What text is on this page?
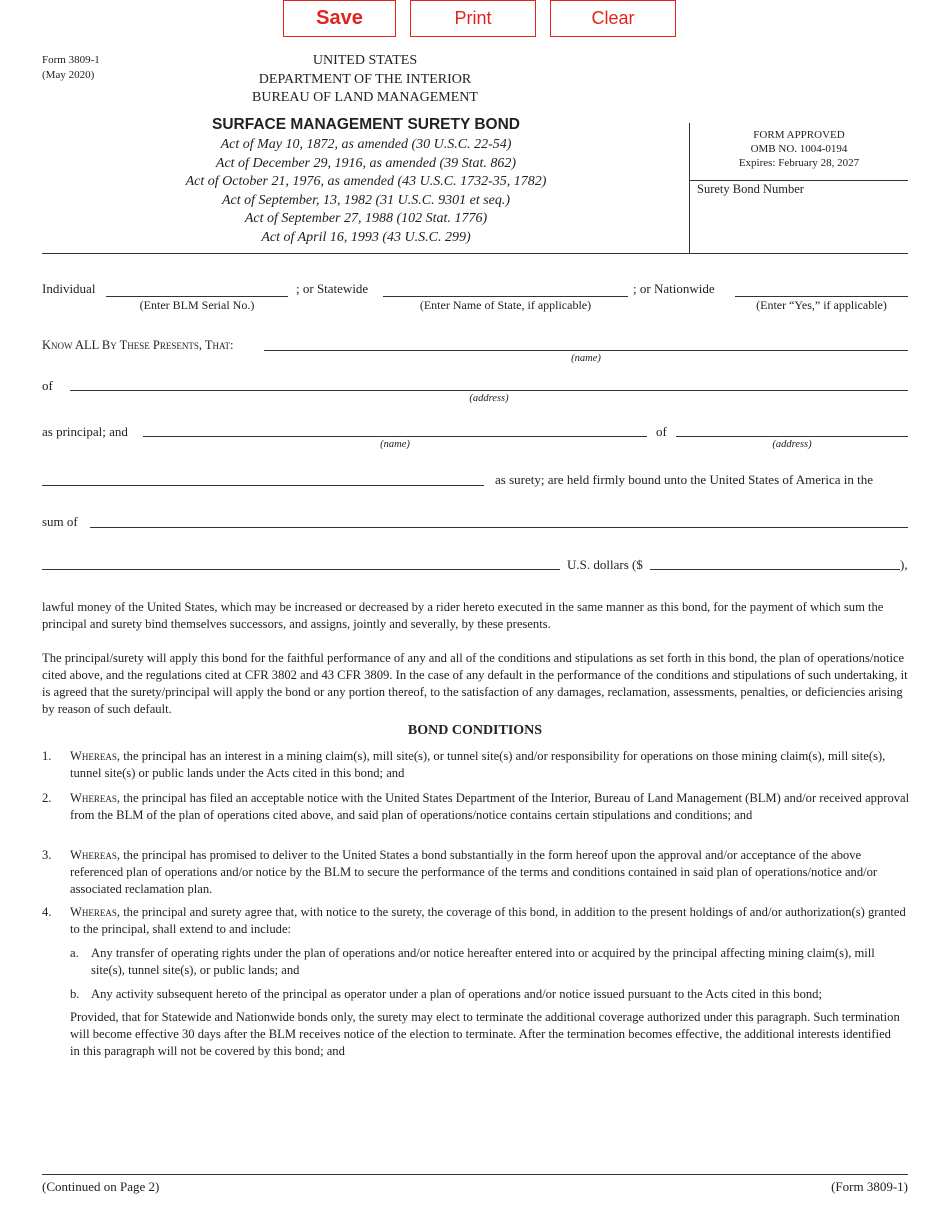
Save	Print	Clear
Form 3809-1
(May 2020)
UNITED STATES
DEPARTMENT OF THE INTERIOR
BUREAU OF LAND MANAGEMENT
SURFACE MANAGEMENT SURETY BOND
Act of May 10, 1872, as amended (30 U.S.C. 22-54)
Act of December 29, 1916, as amended (39 Stat. 862)
Act of October 21, 1976, as amended (43 U.S.C. 1732-35, 1782)
Act of September, 13, 1982 (31 U.S.C. 9301 et seq.)
Act of September 27, 1988 (102 Stat. 1776)
Act of April 16, 1993 (43 U.S.C. 299)
FORM APPROVED
OMB NO. 1004-0194
Expires: February 28, 2027
Surety Bond Number
Individual
(Enter BLM Serial No.)
; or Statewide
(Enter Name of State, if applicable)
; or Nationwide
(Enter “Yes,” if applicable)
Know ALL By These Presents, That:
(name)
of
(address)
as principal; and
(name)
of
(address)
as surety; are held firmly bound unto the United States of America in the
sum of
U.S. dollars ($	),
lawful money of the United States, which may be increased or decreased by a rider hereto executed in the same manner as this bond, for the payment of which sum the principal and surety bind themselves successors, and assigns, jointly and severally, by these presents.
The principal/surety will apply this bond for the faithful performance of any and all of the conditions and stipulations as set forth in this bond, the plan of operations/notice cited above, and the regulations cited at CFR 3802 and 43 CFR 3809. In the case of any default in the performance of the conditions and stipulations of such undertaking, it is agreed that the surety/principal will apply the bond or any portion thereof, to the satisfaction of any damages, reclamation, assessments, penalties, or deficiencies arising by reason of such default.
BOND CONDITIONS
1.	Whereas, the principal has an interest in a mining claim(s), mill site(s), or tunnel site(s) and/or responsibility for operations on those mining claim(s), mill site(s), tunnel site(s) or public lands under the Acts cited in this bond; and
2.	Whereas, the principal has filed an acceptable notice with the United States Department of the Interior, Bureau of Land Management (BLM) and/or received approval from the BLM of the plan of operations cited above, and said plan of operations/notice contains certain stipulations and conditions; and
3.	Whereas, the principal has promised to deliver to the United States a bond substantially in the form hereof upon the approval and/or acceptance of the above referenced plan of operations and/or notice by the BLM to secure the performance of the terms and conditions contained in said plan of operations/notice and/or associated reclamation plan.
4.	Whereas, the principal and surety agree that, with notice to the surety, the coverage of this bond, in addition to the present holdings of and/or authorization(s) granted to the principal, shall extend to and include:
a. Any transfer of operating rights under the plan of operations and/or notice hereafter entered into or acquired by the principal affecting mining claim(s), mill site(s), tunnel site(s), or public lands; and
b. Any activity subsequent hereto of the principal as operator under a plan of operations and/or notice issued pursuant to the Acts cited in this bond;
Provided, that for Statewide and Nationwide bonds only, the surety may elect to terminate the additional coverage authorized under this paragraph. Such termination will become effective 30 days after the BLM receives notice of the election to terminate. After the termination becomes effective, the additional interests identified in this paragraph will not be covered by this bond; and
(Continued on Page 2)	(Form 3809-1)
